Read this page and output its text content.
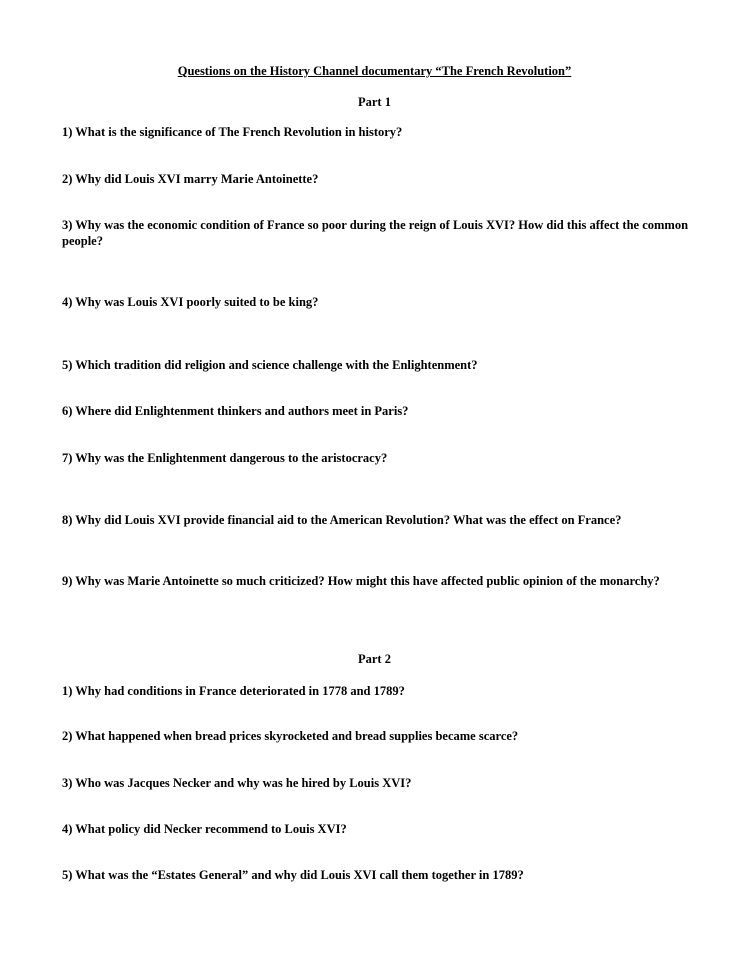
Questions on the History Channel documentary “The French Revolution”
Part 1

1) What is the significance of The French Revolution in history?

2) Why did Louis XVI marry Marie Antoinette?

3) Why was the economic condition of France so poor during the reign of Louis XVI? How did this affect the common people?

4) Why was Louis XVI poorly suited to be king?

5) Which tradition did religion and science challenge with the Enlightenment?

6) Where did Enlightenment thinkers and authors meet in Paris?

7) Why was the Enlightenment dangerous to the aristocracy?

8) Why did Louis XVI provide financial aid to the American Revolution? What was the effect on France?

9) Why was Marie Antoinette so much criticized? How might this have affected public opinion of the monarchy?

Part 2

1) Why had conditions in France deteriorated in 1778 and 1789?

2) What happened when bread prices skyrocketed and bread supplies became scarce?

3) Who was Jacques Necker and why was he hired by Louis XVI?

4) What policy did Necker recommend to Louis XVI?

5) What was the “Estates General” and why did Louis XVI call them together in 1789?
